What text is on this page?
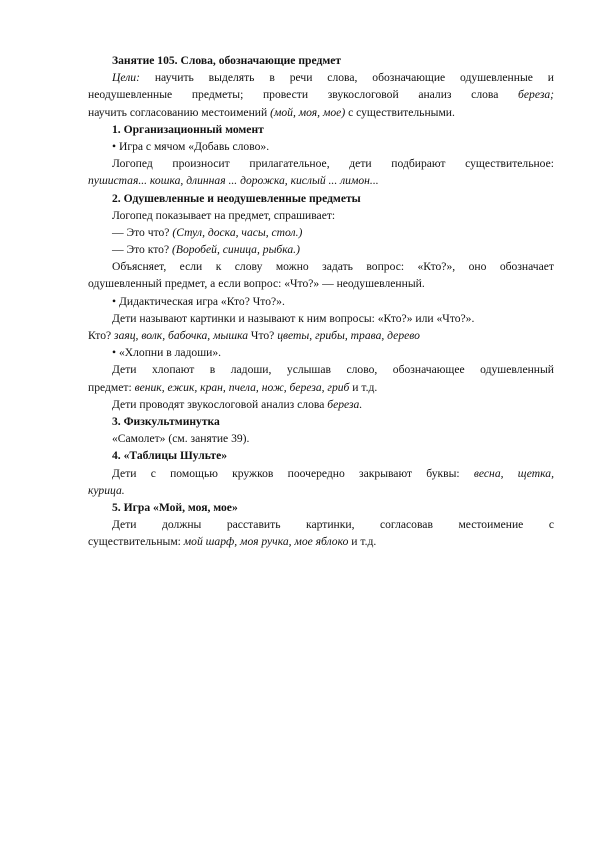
Занятие 105. Слова, обозначающие предмет
Цели: научить выделять в речи слова, обозначающие одушевленные и
неодушевленные предметы; провести звукослоговой анализ слова береза;
научить согласованию местоимений (мой, моя, мое) с существительными.
1. Организационный момент
• Игра с мячом «Добавь слово».
Логопед произносит прилагательное, дети подбирают существительное:
пушистая... кошка, длинная ... дорожка, кислый ... лимон...
2. Одушевленные и неодушевленные предметы
Логопед показывает на предмет, спрашивает:
— Это что? (Стул, доска, часы, стол.)
— Это кто? (Воробей, синица, рыбка.)
Объясняет, если к слову можно задать вопрос: «Кто?», оно обозначает
одушевленный предмет, а если вопрос: «Что?» — неодушевленный.
• Дидактическая игра «Кто? Что?».
Дети называют картинки и называют к ним вопросы: «Кто?» или «Что?».
Кто? заяц, волк, бабочка, мышка Что? цветы, грибы, трава, дерево
• «Хлопни в ладоши».
Дети хлопают в ладоши, услышав слово, обозначающее одушевленный
предмет: веник, ежик, кран, пчела, нож, береза, гриб и т.д.
Дети проводят звукослоговой анализ слова береза.
3. Физкультминутка
«Самолет» (см. занятие 39).
4. «Таблицы Шульте»
Дети с помощью кружков поочередно закрывают буквы: весна, щетка,
курица.
5. Игра «Мой, моя, мое»
Дети должны расставить картинки, согласовав местоимение с
существительным: мой шарф, моя ручка, мое яблоко и т.д.
